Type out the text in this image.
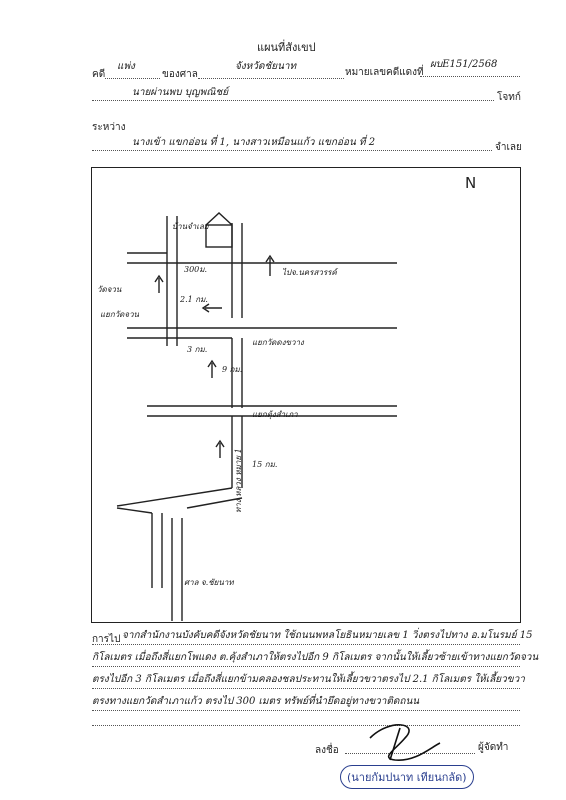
แผนที่สังเขป
คดี
แพ่ง
ของศาล
จังหวัดชัยนาท
หมายเลขคดีแดงที่
ผบE151/2568
นายผ่านพบ บุญพณิชย์	โจทก์
ระหว่าง
นางเข้า แขกอ่อน ที่ 1, นางสาวเหมือนแก้ว แขกอ่อน ที่ 2	จำเลย
N
บ้านจำเลย
300ม.
2.1 กม.
3 กม.
9 กม.
15 กม.
ไปจ.นครสวรรค์
วัดจวน
แยกวัดจวน
แยกวัดดงขวาง
แยกตุ้งสำเภา
ทาง หลวง หมาย 1
ศาล จ.ชัยนาท
การไป จากสำนักงานบังคับคดีจังหวัดชัยนาท ใช้ถนนพหลโยธินหมายเลข 1 วิ่งตรงไปทาง อ.มโนรมย์ 15
กิโลเมตร เมื่อถึงสี่แยกโพแดง ต.คุ้งสำเภาให้ตรงไปอีก 9 กิโลเมตร จากนั้นให้เลี้ยวซ้ายเข้าทางแยกวัดจวน
ตรงไปอีก 3 กิโลเมตร เมื่อถึงสี่แยกข้ามคลองชลประทานให้เลี้ยวขวาตรงไป 2.1 กิโลเมตร ให้เลี้ยวขวา
ตรงทางแยกวัดสำเภาแก้ว ตรงไป 300 เมตร ทรัพย์ที่นำยึดอยู่ทางขวาติดถนน
ลงชื่อ	ผู้จัดทำ
(นายกัมปนาท เทียนกลัด)
